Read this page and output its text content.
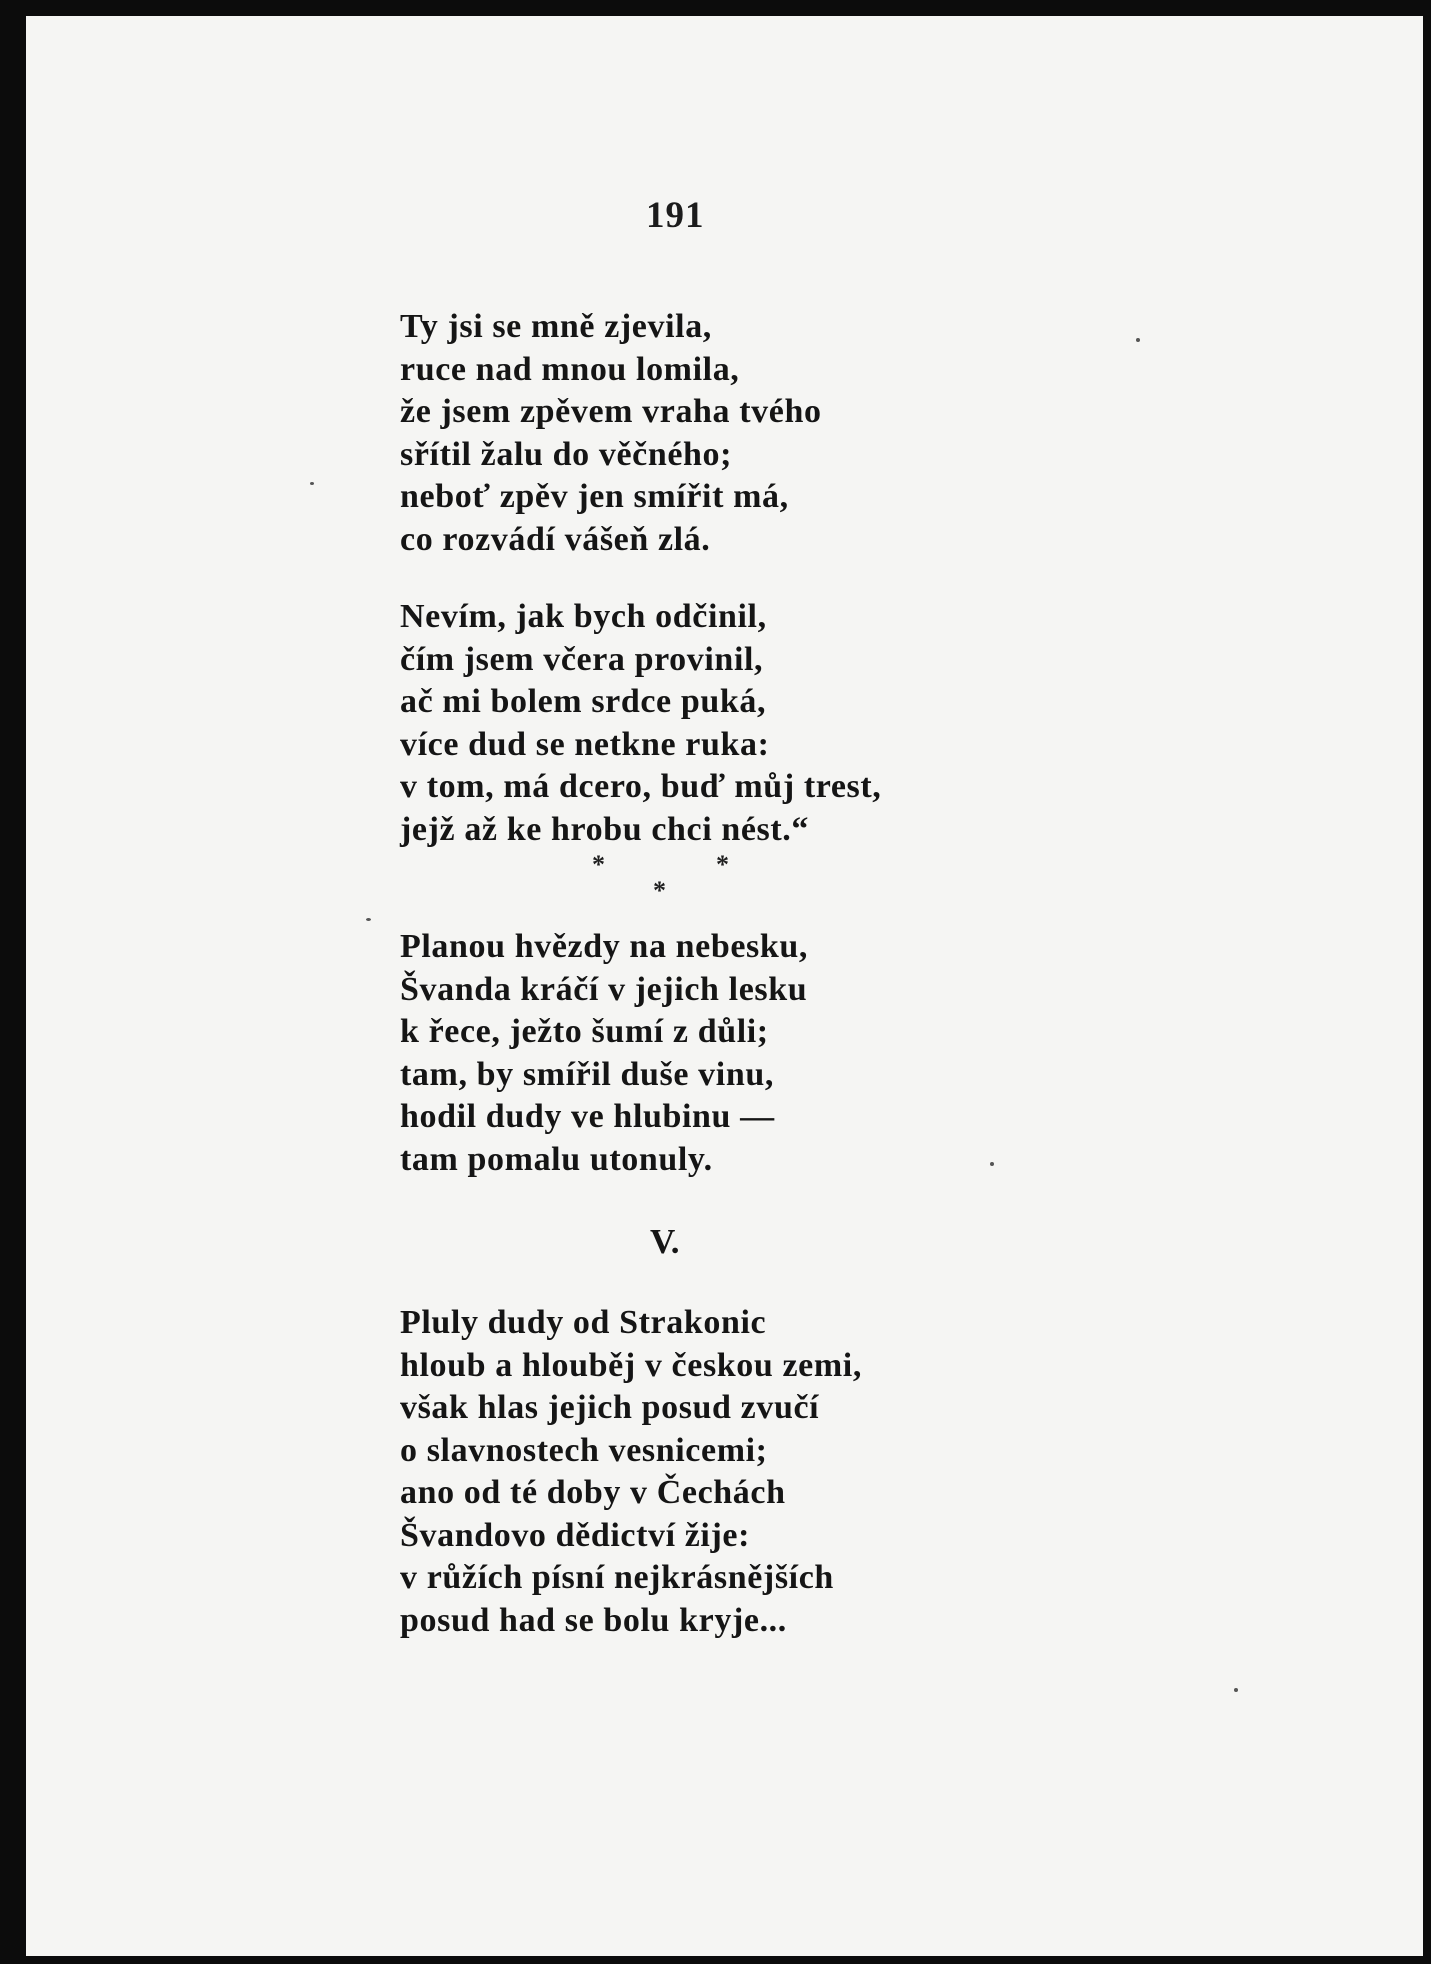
191
Ty jsi se mně zjevila,
ruce nad mnou lomila,
že jsem zpěvem vraha tvého
sřítil žalu do věčného;
neboť zpěv jen smířit má,
co rozvádí vášeň zlá.
Nevím, jak bych odčinil,
čím jsem včera provinil,
ač mi bolem srdce puká,
více dud se netkne ruka:
v tom, má dcero, buď můj trest,
jejž až ke hrobu chci nést.“
*
*
*
Planou hvězdy na nebesku,
Švanda kráčí v jejich lesku
k řece, ježto šumí z důli;
tam, by smířil duše vinu,
hodil dudy ve hlubinu —
tam pomalu utonuly.
V.
Pluly dudy od Strakonic
hloub a hlouběj v českou zemi,
však hlas jejich posud zvučí
o slavnostech vesnicemi;
ano od té doby v Čechách
Švandovo dědictví žije:
v růžích písní nejkrásnějších
posud had se bolu kryje...
